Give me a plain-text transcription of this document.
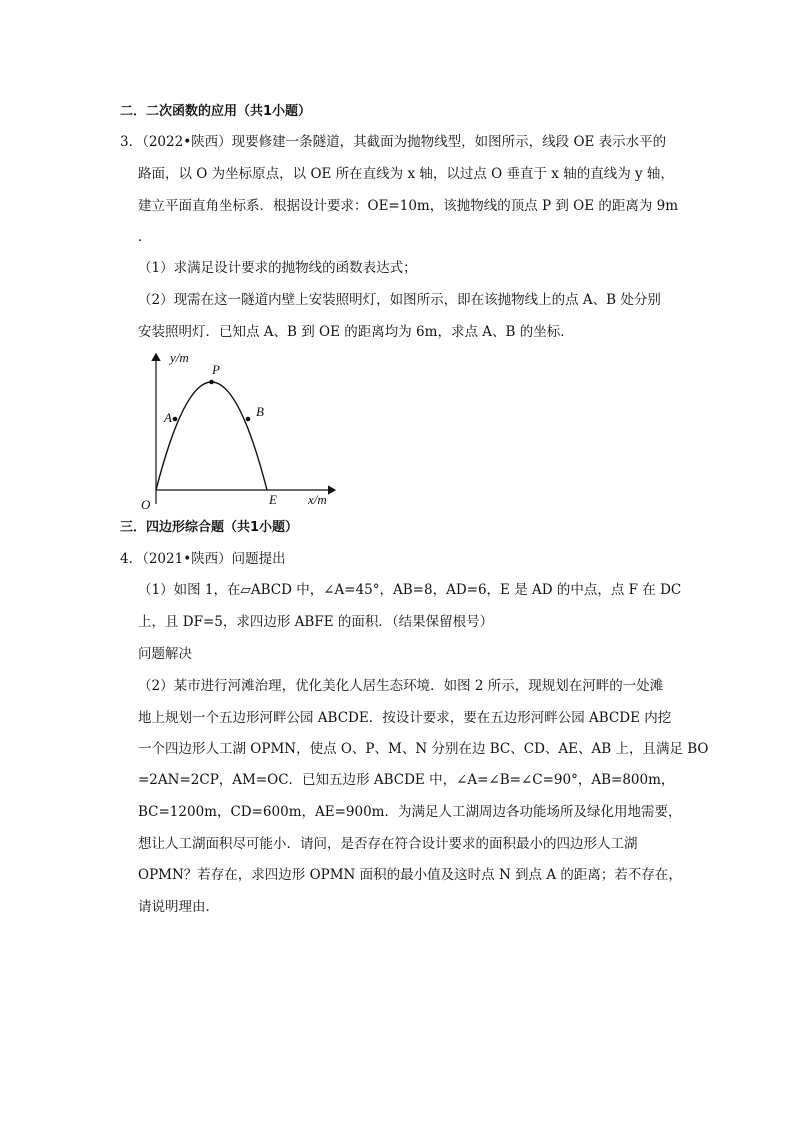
二．二次函数的应用（共1小题）
3．（2022•陕西）现要修建一条隧道，其截面为抛物线型，如图所示，线段 OE 表示水平的
路面，以 O 为坐标原点，以 OE 所在直线为 x 轴，以过点 O 垂直于 x 轴的直线为 y 轴，
建立平面直角坐标系．根据设计要求：OE=10m，该抛物线的顶点 P 到 OE 的距离为 9m
．
（1）求满足设计要求的抛物线的函数表达式；
（2）现需在这一隧道内壁上安装照明灯，如图所示，即在该抛物线上的点 A、B 处分别
安装照明灯．已知点 A、B 到 OE 的距离均为 6m，求点 A、B 的坐标．
y/m
x/m
O	E
P
A	B
三．四边形综合题（共1小题）
4．（2021•陕西）问题提出
（1）如图 1，在▱ABCD 中，∠A=45°，AB=8，AD=6，E 是 AD 的中点，点 F 在 DC
上，且 DF=5，求四边形 ABFE 的面积．（结果保留根号）
问题解决
（2）某市进行河滩治理，优化美化人居生态环境．如图 2 所示，现规划在河畔的一处滩
地上规划一个五边形河畔公园 ABCDE．按设计要求，要在五边形河畔公园 ABCDE 内挖
一个四边形人工湖 OPMN，使点 O、P、M、N 分别在边 BC、CD、AE、AB 上，且满足 BO
=2AN=2CP，AM=OC．已知五边形 ABCDE 中，∠A=∠B=∠C=90°，AB=800m，
BC=1200m，CD=600m，AE=900m．为满足人工湖周边各功能场所及绿化用地需要，
想让人工湖面积尽可能小．请问，是否存在符合设计要求的面积最小的四边形人工湖
OPMN？若存在，求四边形 OPMN 面积的最小值及这时点 N 到点 A 的距离；若不存在，
请说明理由．
